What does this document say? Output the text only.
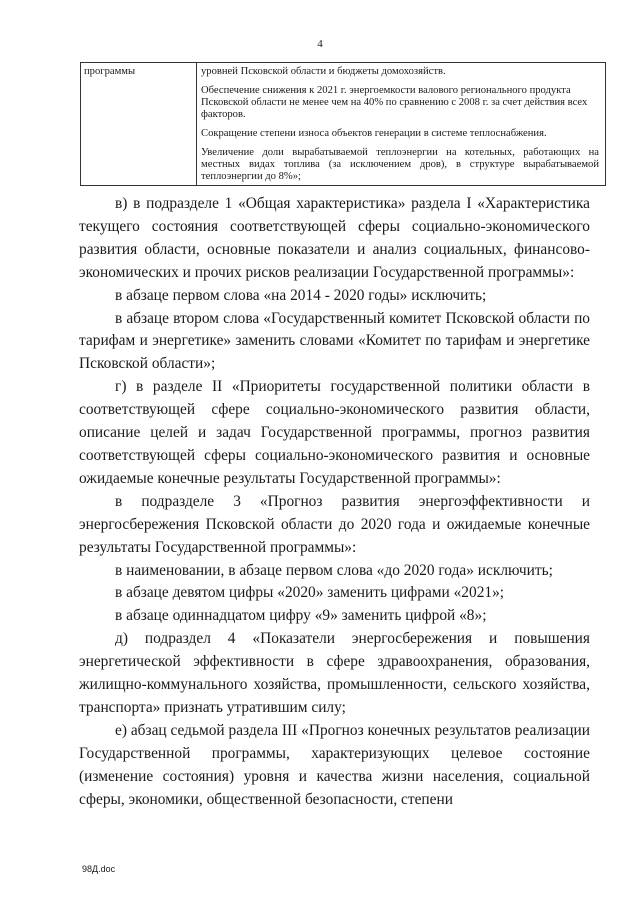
4
программы	уровней Псковской области и бюджеты домохозяйств.
Обеспечение снижения к 2021 г. энергоемкости валового регионального продукта Псковской области не менее чем на 40% по сравнению с 2008 г. за счет действия всех факторов.
Сокращение степени износа объектов генерации в системе теплоснабжения.
Увеличение доли вырабатываемой теплоэнергии на котельных, работающих на местных видах топлива (за исключением дров), в структуре вырабатываемой теплоэнергии до 8%»;

в) в подразделе 1 «Общая характеристика» раздела I «Характеристика текущего состояния соответствующей сферы социально-экономического развития области, основные показатели и анализ социальных, финансово-экономических и прочих рисков реализации Государственной программы»:

в абзаце первом слова «на 2014 - 2020 годы» исключить;

в абзаце втором слова «Государственный комитет Псковской области по тарифам и энергетике» заменить словами «Комитет по тарифам и энергетике Псковской области»;

г) в разделе II «Приоритеты государственной политики области в соответствующей сфере социально-экономического развития области, описание целей и задач Государственной программы, прогноз развития соответствующей сферы социально-экономического развития и основные ожидаемые конечные результаты Государственной программы»:

в подразделе 3 «Прогноз развития энергоэффективности и энергосбережения Псковской области до 2020 года и ожидаемые конечные результаты Государственной программы»:

в наименовании, в абзаце первом слова «до 2020 года» исключить;

в абзаце девятом цифры «2020» заменить цифрами «2021»;

в абзаце одиннадцатом цифру «9» заменить цифрой «8»;

д) подраздел 4 «Показатели энергосбережения и повышения энергетической эффективности в сфере здравоохранения, образования, жилищно-коммунального хозяйства, промышленности, сельского хозяйства, транспорта» признать утратившим силу;

е) абзац седьмой раздела III «Прогноз конечных результатов реализации Государственной программы, характеризующих целевое состояние (изменение состояния) уровня и качества жизни населения, социальной сферы, экономики, общественной безопасности, степени

98Д.doc
